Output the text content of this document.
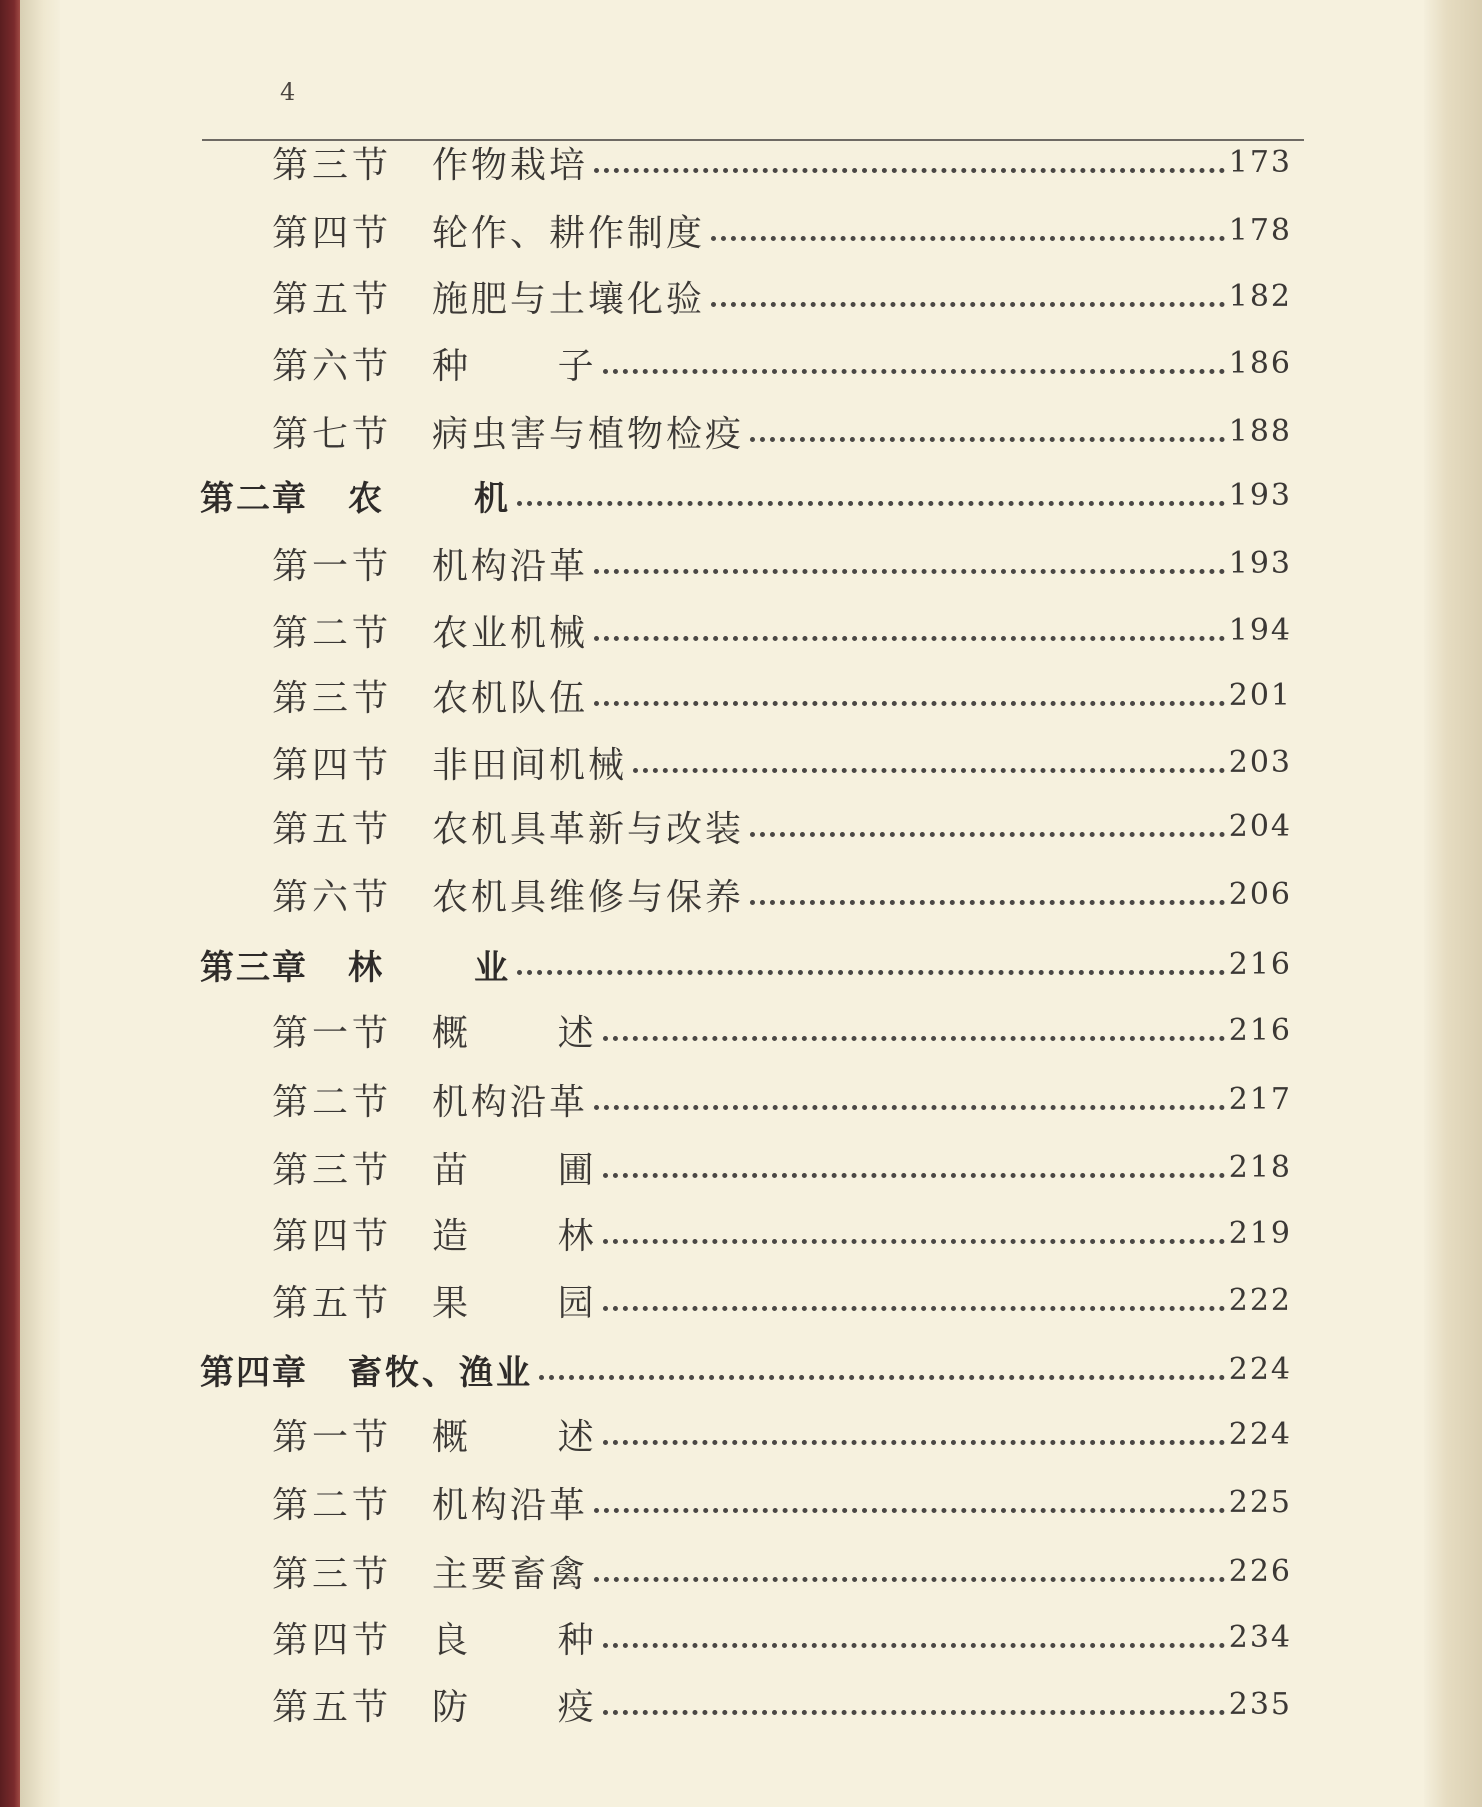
4
第三节 作物栽培	173
第四节 轮作、耕作制度	178
第五节 施肥与土壤化验	182
第六节 种      子	186
第七节 病虫害与植物检疫	188
第二章 农      机	193
第一节 机构沿革	193
第二节 农业机械	194
第三节 农机队伍	201
第四节 非田间机械	203
第五节 农机具革新与改装	204
第六节 农机具维修与保养	206
第三章 林      业	216
第一节 概      述	216
第二节 机构沿革	217
第三节 苗      圃	218
第四节 造      林	219
第五节 果      园	222
第四章 畜牧、渔业	224
第一节 概      述	224
第二节 机构沿革	225
第三节 主要畜禽	226
第四节 良      种	234
第五节 防      疫	235
